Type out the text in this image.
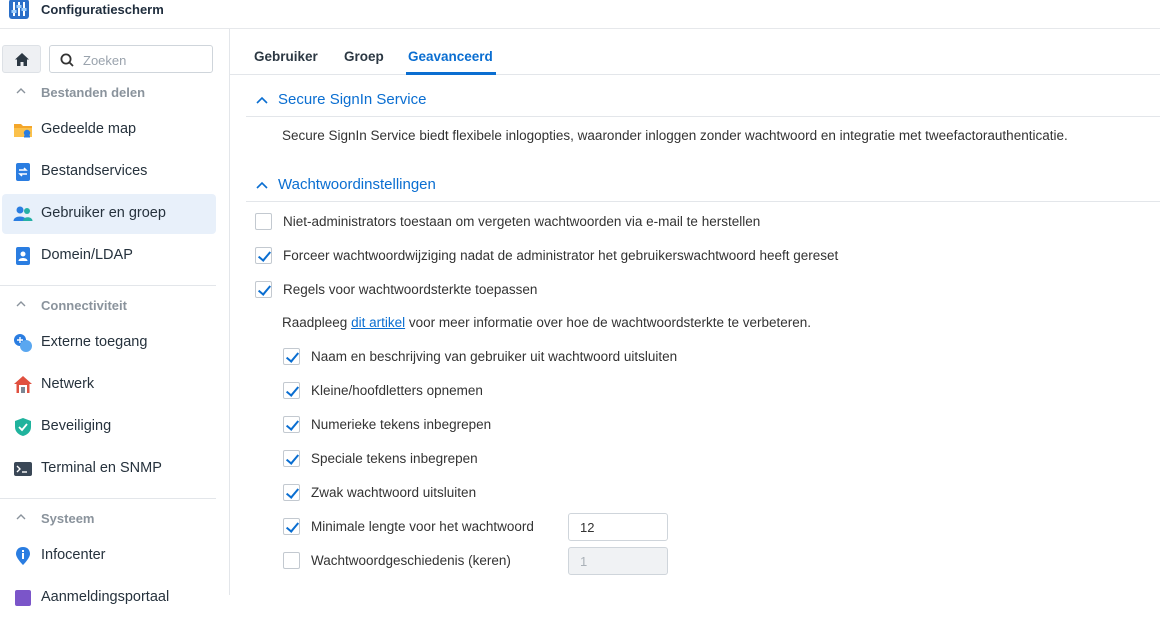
Configuratiescherm
Zoeken
Bestanden delen
Gedeelde map
Bestandservices
Gebruiker en groep
Domein/LDAP
Connectiviteit
Externe toegang
Netwerk
Beveiliging
Terminal en SNMP
Systeem
Infocenter
Aanmeldingsportaal
Gebruiker Groep Geavanceerd
Secure SignIn Service
Secure SignIn Service biedt flexibele inlogopties, waaronder inloggen zonder wachtwoord en integratie met tweefactorauthenticatie.
Wachtwoordinstellingen
Niet-administrators toestaan om vergeten wachtwoorden via e-mail te herstellen
Forceer wachtwoordwijziging nadat de administrator het gebruikerswachtwoord heeft gereset
Regels voor wachtwoordsterkte toepassen
Raadpleeg dit artikel voor meer informatie over hoe de wachtwoordsterkte te verbeteren.
Naam en beschrijving van gebruiker uit wachtwoord uitsluiten
Kleine/hoofdletters opnemen
Numerieke tekens inbegrepen
Speciale tekens inbegrepen
Zwak wachtwoord uitsluiten
Minimale lengte voor het wachtwoord
12
Wachtwoordgeschiedenis (keren)
1
